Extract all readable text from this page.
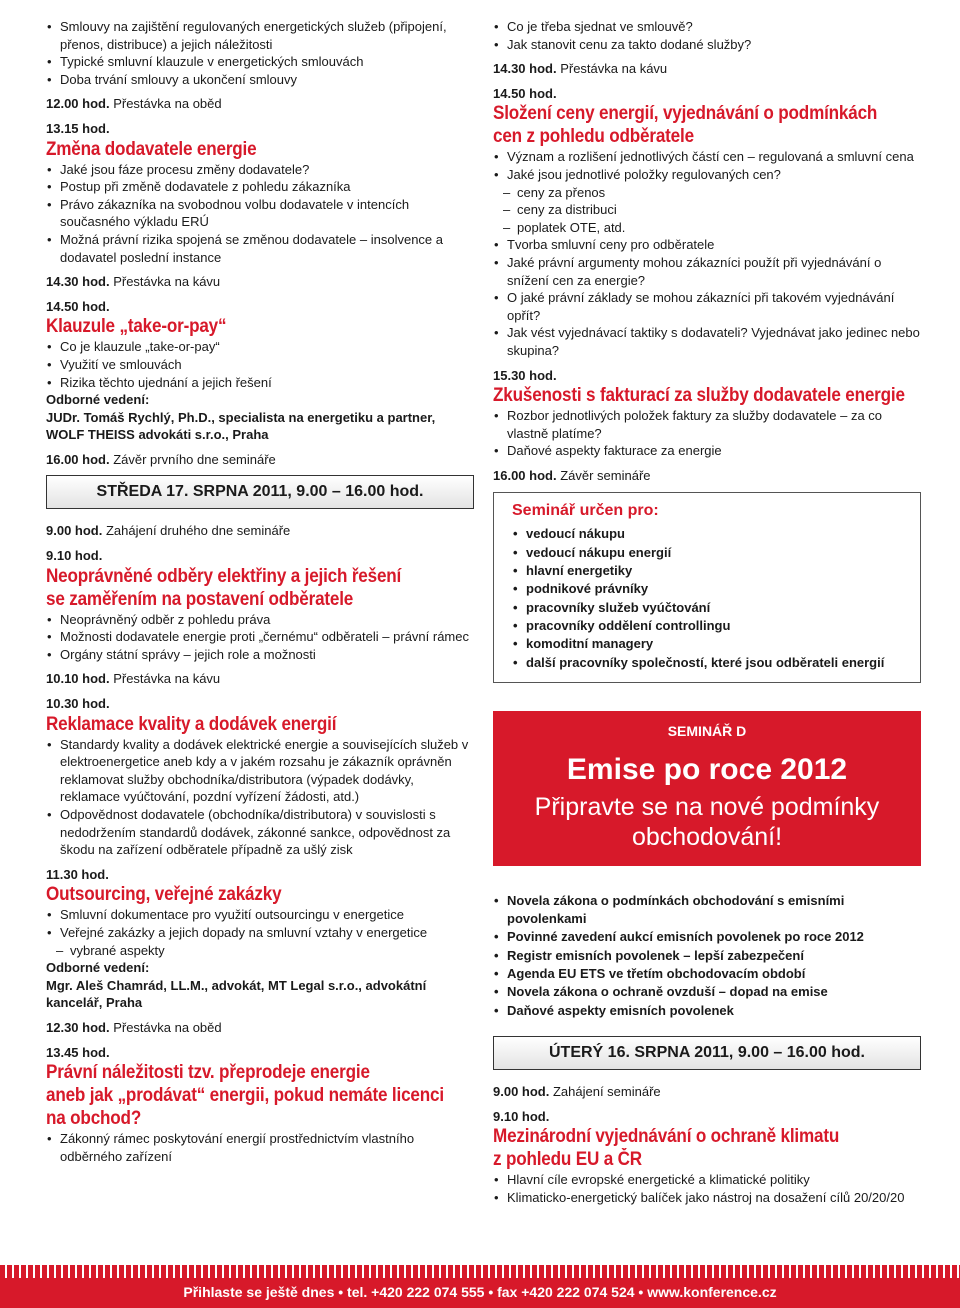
• Smlouvy na zajištění regulovaných energetických služeb (připojení, přenos, distribuce) a jejich náležitosti
• Typické smluvní klauzule v energetických smlouvách
• Doba trvání smlouvy a ukončení smlouvy
12.00 hod. Přestávka na oběd
13.15 hod.
Změna dodavatele energie
• Jaké jsou fáze procesu změny dodavatele?
• Postup při změně dodavatele z pohledu zákazníka
• Právo zákazníka na svobodnou volbu dodavatele v intencích současného výkladu ERÚ
• Možná právní rizika spojená se změnou dodavatele – insolvence a dodavatel poslední instance
14.30 hod. Přestávka na kávu
14.50 hod.
Klauzule „take-or-pay“
• Co je klauzule „take-or-pay“
• Využití ve smlouvách
• Rizika těchto ujednání a jejich řešení
Odborné vedení:
JUDr. Tomáš Rychlý, Ph.D., specialista na energetiku a partner, WOLF THEISS advokáti s.r.o., Praha
16.00 hod. Závěr prvního dne semináře
STŘEDA 17. SRPNA 2011, 9.00 – 16.00 hod.
9.00 hod. Zahájení druhého dne semináře
9.10 hod.
Neoprávněné odběry elektřiny a jejich řešení
se zaměřením na postavení odběratele
• Neoprávněný odběr z pohledu práva
• Možnosti dodavatele energie proti „černému“ odběrateli – právní rámec
• Orgány státní správy – jejich role a možnosti
10.10 hod. Přestávka na kávu
10.30 hod.
Reklamace kvality a dodávek energií
• Standardy kvality a dodávek elektrické energie a souvisejících služeb v elektroenergetice aneb kdy a v jakém rozsahu je zákazník oprávněn reklamovat služby obchodníka/distributora (výpadek dodávky, reklamace vyúčtování, pozdní vyřízení žádosti, atd.)
• Odpovědnost dodavatele (obchodníka/distributora) v souvislosti s nedodržením standardů dodávek, zákonné sankce, odpovědnost za škodu na zařízení odběratele případně za ušlý zisk
11.30 hod.
Outsourcing, veřejné zakázky
• Smluvní dokumentace pro využití outsourcingu v energetice
• Veřejné zakázky a jejich dopady na smluvní vztahy v energetice
– vybrané aspekty
Odborné vedení:
Mgr. Aleš Chamrád, LL.M., advokát, MT Legal s.r.o., advokátní kancelář, Praha
12.30 hod. Přestávka na oběd
13.45 hod.
Právní náležitosti tzv. přeprodeje energie
aneb jak „prodávat“ energii, pokud nemáte licenci
na obchod?
• Zákonný rámec poskytování energií prostřednictvím vlastního odběrného zařízení
• Co je třeba sjednat ve smlouvě?
• Jak stanovit cenu za takto dodané služby?
14.30 hod. Přestávka na kávu
14.50 hod.
Složení ceny energií, vyjednávání o podmínkách
cen z pohledu odběratele
• Význam a rozlišení jednotlivých částí cen – regulovaná a smluvní cena
• Jaké jsou jednotlivé položky regulovaných cen?
– ceny za přenos
– ceny za distribuci
– poplatek OTE, atd.
• Tvorba smluvní ceny pro odběratele
• Jaké právní argumenty mohou zákazníci použít při vyjednávání o snížení cen za energie?
• O jaké právní základy se mohou zákazníci při takovém vyjednávání opřít?
• Jak vést vyjednávací taktiky s dodavateli? Vyjednávat jako jedinec nebo skupina?
15.30 hod.
Zkušenosti s fakturací za služby dodavatele energie
• Rozbor jednotlivých položek faktury za služby dodavatele – za co vlastně platíme?
• Daňové aspekty fakturace za energie
16.00 hod. Závěr semináře
Seminář určen pro:
• vedoucí nákupu
• vedoucí nákupu energií
• hlavní energetiky
• podnikové právníky
• pracovníky služeb vyúčtování
• pracovníky oddělení controllingu
• komoditní managery
• další pracovníky společností, které jsou odběrateli energií
SEMINÁŘ D
Emise po roce 2012
Připravte se na nové podmínky
obchodování!
• Novela zákona o podmínkách obchodování s emisními povolenkami
• Povinné zavedení aukcí emisních povolenek po roce 2012
• Registr emisních povolenek – lepší zabezpečení
• Agenda EU ETS ve třetím obchodovacím období
• Novela zákona o ochraně ovzduší – dopad na emise
• Daňové aspekty emisních povolenek
ÚTERÝ 16. SRPNA 2011, 9.00 – 16.00 hod.
9.00 hod. Zahájení semináře
9.10 hod.
Mezinárodní vyjednávání o ochraně klimatu
z pohledu EU a ČR
• Hlavní cíle evropské energetické a klimatické politiky
• Klimaticko-energetický balíček jako nástroj na dosažení cílů 20/20/20
Přihlaste se ještě dnes • tel. +420 222 074 555 • fax +420 222 074 524 • www.konference.cz
